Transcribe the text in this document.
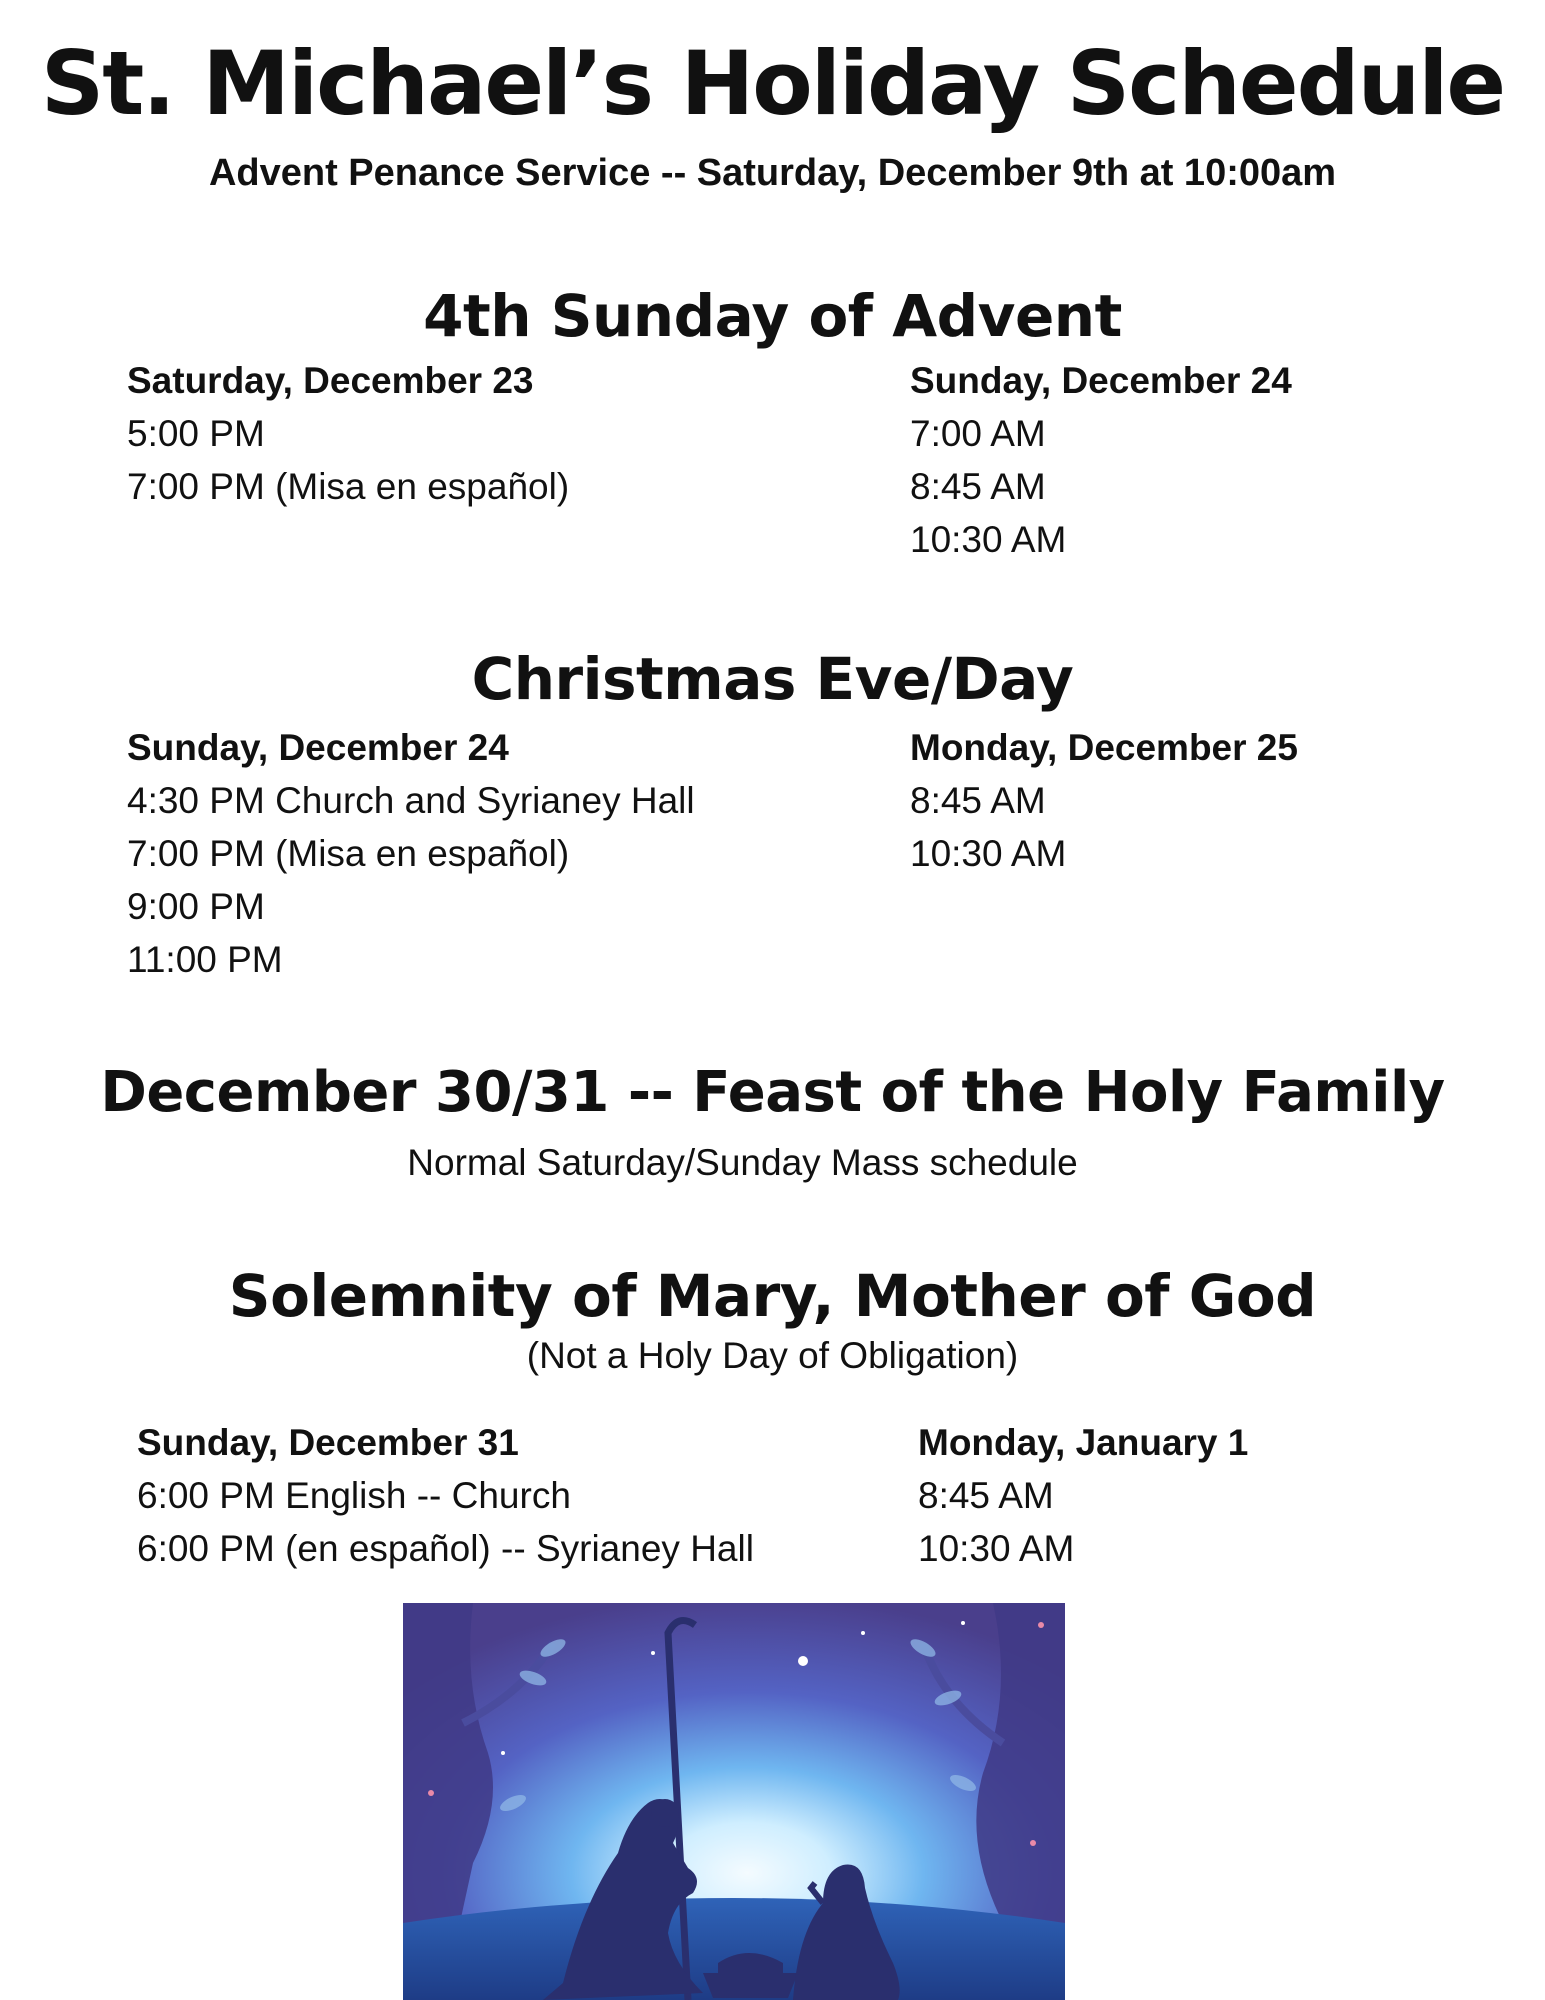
St. Michael’s Holiday Schedule
Advent Penance Service -- Saturday, December 9th at 10:00am
4th Sunday of Advent
Saturday, December 23
5:00 PM
7:00 PM (Misa en español)
Sunday, December 24
7:00 AM
8:45 AM
10:30 AM
Christmas Eve/Day
Sunday, December 24
4:30 PM Church and Syrianey Hall
7:00 PM (Misa en español)
9:00 PM
11:00 PM
Monday, December 25
8:45 AM
10:30 AM
December 30/31 -- Feast of the Holy Family
Normal Saturday/Sunday Mass schedule
Solemnity of Mary, Mother of God
(Not a Holy Day of Obligation)
Sunday, December 31
6:00 PM English -- Church
6:00 PM (en español) -- Syrianey Hall
Monday, January 1
8:45 AM
10:30 AM
